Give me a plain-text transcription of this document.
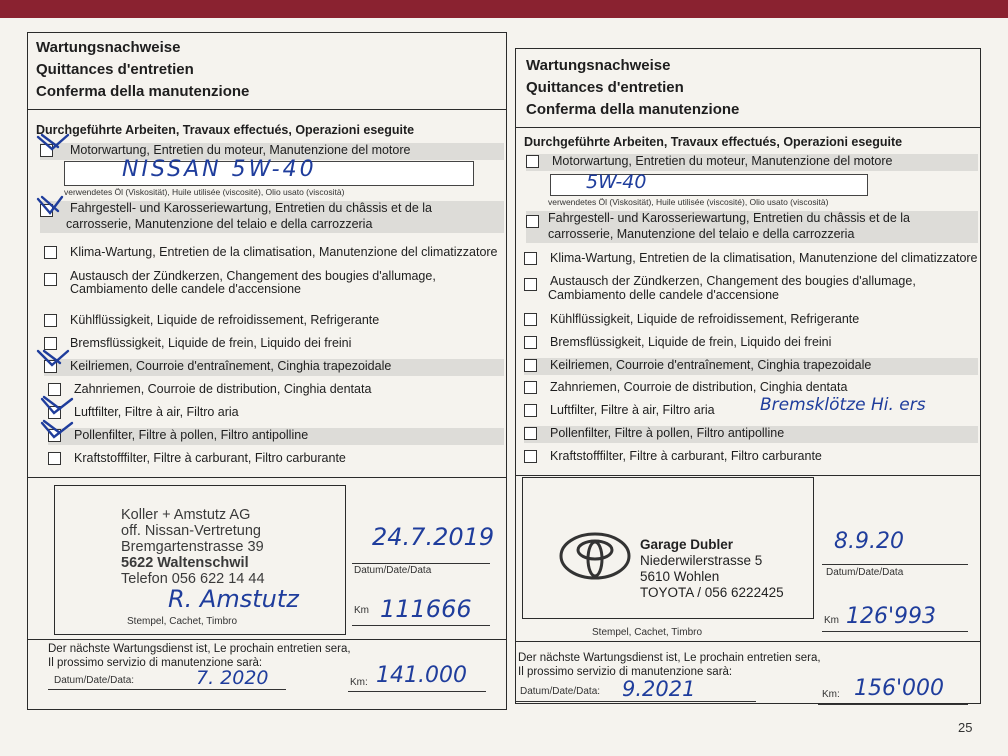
Wartungsnachweise
Quittances d'entretien
Conferma della manutenzione
Durchgeführte Arbeiten, Travaux effectués, Operazioni eseguite
Motorwartung, Entretien du moteur, Manutenzione del motore
verwendetes Öl (Viskosität), Huile utilisée (viscosité), Olio usato (viscosità)
Fahrgestell- und Karosseriewartung, Entretien du châssis et de la
carrosserie, Manutenzione del telaio e della carrozzeria
Klima-Wartung, Entretien de la climatisation, Manutenzione del climatizzatore
Austausch der Zündkerzen, Changement des bougies d'allumage,
Cambiamento delle candele d'accensione
Kühlflüssigkeit, Liquide de refroidissement, Refrigerante
Bremsflüssigkeit, Liquide de frein, Liquido dei freini
Keilriemen, Courroie d'entraînement, Cinghia trapezoidale
Zahnriemen, Courroie de distribution, Cinghia dentata
Luftfilter, Filtre à air, Filtro aria
Pollenfilter, Filtre à pollen, Filtro antipolline
Kraftstofffilter, Filtre à carburant, Filtro carburante
NISSAN 5W-40
Koller + Amstutz AG
off. Nissan-Vertretung
Bremgartenstrasse 39
5622 Waltenschwil
Telefon 056 622 14 44
R. Amstutz
Stempel, Cachet, Timbro
24.7.2019
Datum/Date/Data
Km 111666
Der nächste Wartungsdienst ist, Le prochain entretien sera,
Il prossimo servizio di manutenzione sarà:
Datum/Date/Data:	7. 2020	Km: 141.000
Wartungsnachweise
Quittances d'entretien
Conferma della manutenzione
Durchgeführte Arbeiten, Travaux effectués, Operazioni eseguite
Motorwartung, Entretien du moteur, Manutenzione del motore
5W-40
verwendetes Öl (Viskosität), Huile utilisée (viscosité), Olio usato (viscosità)
Fahrgestell- und Karosseriewartung, Entretien du châssis et de la
carrosserie, Manutenzione del telaio e della carrozzeria
Klima-Wartung, Entretien de la climatisation, Manutenzione del climatizzatore
Austausch der Zündkerzen, Changement des bougies d'allumage,
Cambiamento delle candele d'accensione
Kühlflüssigkeit, Liquide de refroidissement, Refrigerante
Bremsflüssigkeit, Liquide de frein, Liquido dei freini
Keilriemen, Courroie d'entraînement, Cinghia trapezoidale
Zahnriemen, Courroie de distribution, Cinghia dentata
Luftfilter, Filtre à air, Filtro aria	Bremsklötze Hi. ers
Pollenfilter, Filtre à pollen, Filtro antipolline
Kraftstofffilter, Filtre à carburant, Filtro carburante
Garage Dubler
Niederwilerstrasse 5
5610 Wohlen
TOYOTA / 056 6222425
Stempel, Cachet, Timbro
8.9.20
Datum/Date/Data
Km 126'993
Der nächste Wartungsdienst ist, Le prochain entretien sera,
Il prossimo servizio di manutenzione sarà:
Datum/Date/Data: 9.2021	Km: 156'000
25
